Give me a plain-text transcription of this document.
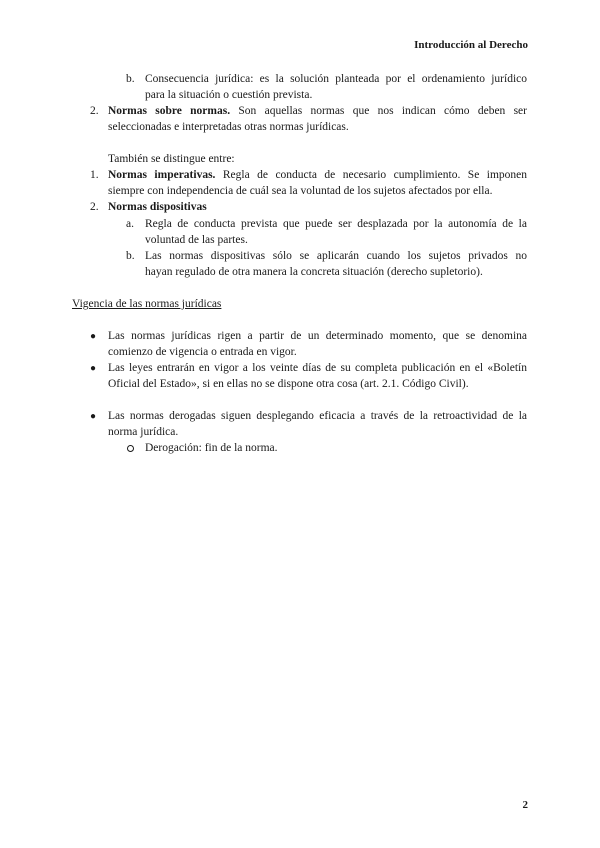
Introducción al Derecho
b. Consecuencia jurídica: es la solución planteada por el ordenamiento jurídico
para la situación o cuestión prevista.
2. Normas sobre normas. Son aquellas normas que nos indican cómo deben ser
seleccionadas e interpretadas otras normas jurídicas.
También se distingue entre:
1. Normas imperativas. Regla de conducta de necesario cumplimiento. Se imponen
siempre con independencia de cuál sea la voluntad de los sujetos afectados por ella.
2. Normas dispositivas
a. Regla de conducta prevista que puede ser desplazada por la autonomía de la
voluntad de las partes.
b. Las normas dispositivas sólo se aplicarán cuando los sujetos privados no
hayan regulado de otra manera la concreta situación (derecho supletorio).
Vigencia de las normas jurídicas
● Las normas jurídicas rigen a partir de un determinado momento, que se denomina
comienzo de vigencia o entrada en vigor.
● Las leyes entrarán en vigor a los veinte días de su completa publicación en el «Boletín
Oficial del Estado», si en ellas no se dispone otra cosa (art. 2.1. Código Civil).
● Las normas derogadas siguen desplegando eficacia a través de la retroactividad de la
norma jurídica.
Derogación: fin de la norma.
2
